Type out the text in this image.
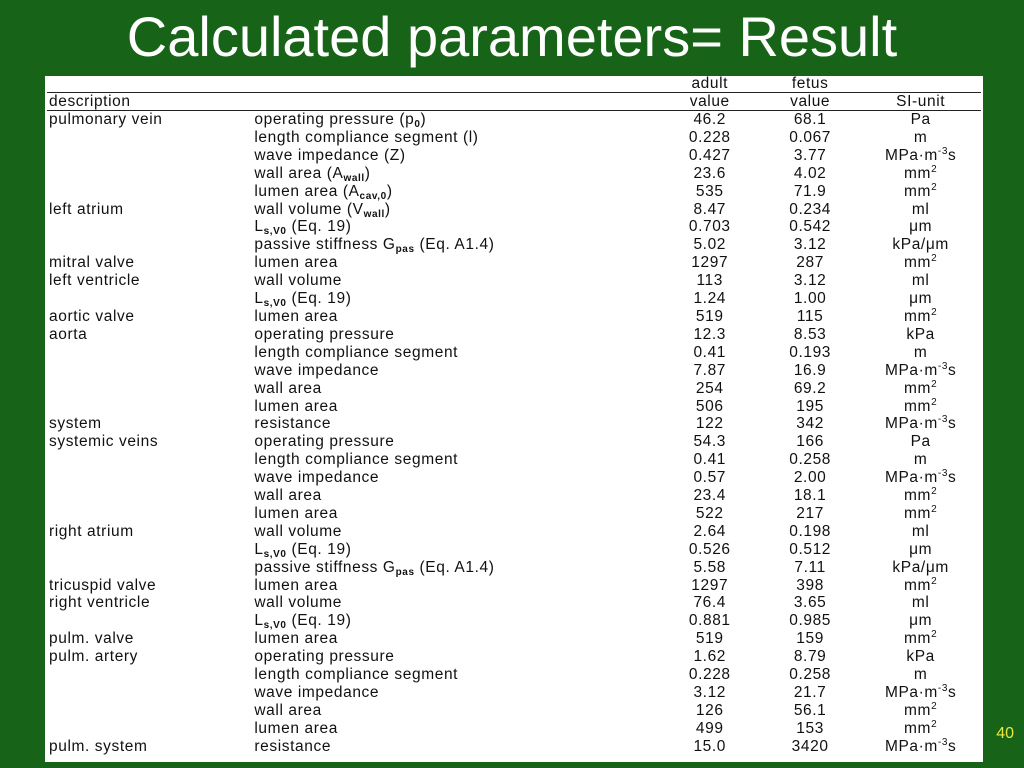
Calculated parameters= Result
		adult	fetus	
description		value	value	SI-unit
pulmonary vein	operating pressure $(p_0)$	46.2	68.1	Pa
	length compliance segment (l)	0.228	0.067	m
	wave impedance (Z)	0.427	3.77	$MPa\cdot m^{-3}s$
	wall area $(A_{wall})$	23.6	4.02	$mm^2$
	lumen area $(A_{cav,0})$	535	71.9	$mm^2$
left atrium	wall volume $(V_{wall})$	8.47	0.234	ml
	$L_{s,V0}$ (Eq. 19)	0.703	0.542	μm
	passive stiffness $G_{pas}$ (Eq. A1.4)	5.02	3.12	kPa/μm
mitral valve	lumen area	1297	287	$mm^2$
left ventricle	wall volume	113	3.12	ml
	$L_{s,V0}$ (Eq. 19)	1.24	1.00	μm
aortic valve	lumen area	519	115	$mm^2$
aorta	operating pressure	12.3	8.53	kPa
	length compliance segment	0.41	0.193	m
	wave impedance	7.87	16.9	$MPa\cdot m^{-3}s$
	wall area	254	69.2	$mm^2$
	lumen area	506	195	$mm^2$
system	resistance	122	342	$MPa\cdot m^{-3}s$
systemic veins	operating pressure	54.3	166	Pa
	length compliance segment	0.41	0.258	m
	wave impedance	0.57	2.00	$MPa\cdot m^{-3}s$
	wall area	23.4	18.1	$mm^2$
	lumen area	522	217	$mm^2$
right atrium	wall volume	2.64	0.198	ml
	$L_{s,V0}$ (Eq. 19)	0.526	0.512	μm
	passive stiffness $G_{pas}$ (Eq. A1.4)	5.58	7.11	kPa/μm
tricuspid valve	lumen area	1297	398	$mm^2$
right ventricle	wall volume	76.4	3.65	ml
	$L_{s,V0}$ (Eq. 19)	0.881	0.985	μm
pulm. valve	lumen area	519	159	$mm^2$
pulm. artery	operating pressure	1.62	8.79	kPa
	length compliance segment	0.228	0.258	m
	wave impedance	3.12	21.7	$MPa\cdot m^{-3}s$
	wall area	126	56.1	$mm^2$
	lumen area	499	153	$mm^2$
pulm. system	resistance	15.0	3420	$MPa\cdot m^{-3}s$
40
